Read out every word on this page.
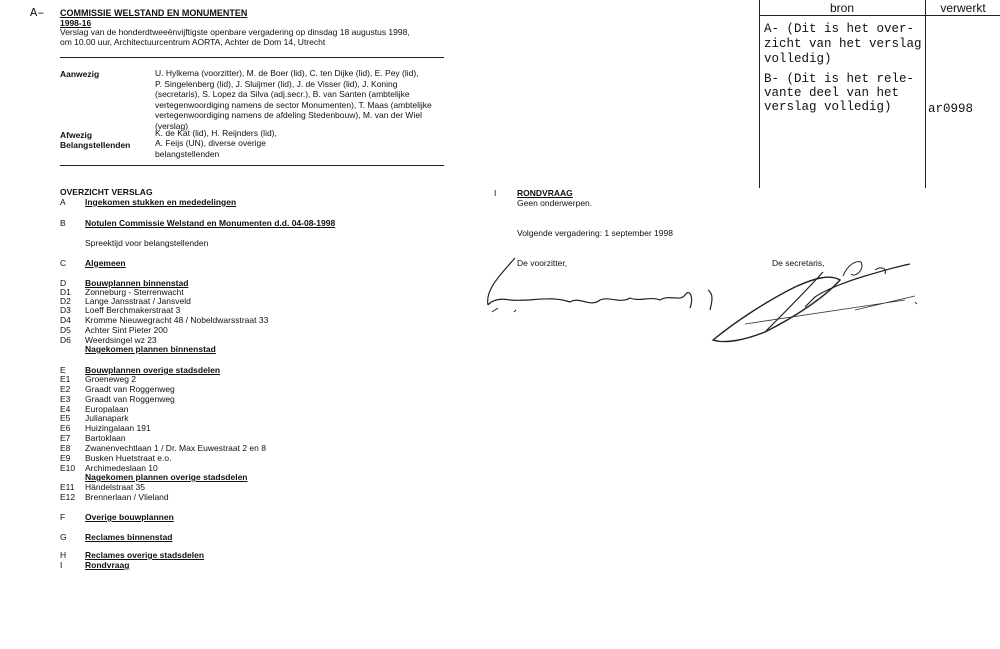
A– COMMISSIE WELSTAND EN MONUMENTEN
1998-16
Verslag van de honderdtweeënvijftigste openbare vergadering op dinsdag 18 augustus 1998,
om 10.00 uur, Architectuurcentrum AORTA, Achter de Dom 14, Utrecht
Aanwezig	U. Hylkema (voorzitter), M. de Boer (lid), C. ten Dijke (lid), E. Pey (lid),
P. Singelenberg (lid), J. Sluijmer (lid), J. de Visser (lid), J. Koning
(secretaris), S. Lopez da Silva (adj.secr.), B. van Santen (ambtelijke
vertegenwoordiging namens de sector Monumenten), T. Maas (ambtelijke
vertegenwoordiging namens de afdeling Stedenbouw), M. van der Wiel
(verslag)
Afwezig	K. de Kat (lid), H. Reijnders (lid),
Belangstellenden	A. Feijs (UN), diverse overige
belangstellenden
OVERZICHT VERSLAG
A Ingekomen stukken en mededelingen
B Notulen Commissie Welstand en Monumenten d.d. 04-08-1998
Spreektijd voor belangstellenden
C Algemeen
D Bouwplannen binnenstad
D1 Zonneburg - Sterrenwacht
D2 Lange Jansstraat / Jansveld
D3 Loeff Berchmakerstraat 3
D4 Kromme Nieuwegracht 48 / Nobeldwarsstraat 33
D5 Achter Sint Pieter 200
D6 Weerdsingel wz 23
Nagekomen plannen binnenstad
E Bouwplannen overige stadsdelen
E1 Groeneweg 2
E2 Graadt van Roggenweg
E3 Graadt van Roggenweg
E4 Europalaan
E5 Julianapark
E6 Huizingalaan 191
E7 Bartoklaan
E8 Zwanenvechtlaan 1 / Dr. Max Euwestraat 2 en 8
E9 Busken Huetstraat e.o.
E10 Archimedeslaan 10
Nagekomen plannen overige stadsdelen
E11 Händelstraat 35
E12 Brennerlaan / Vlieland
F Overige bouwplannen
G Reclames binnenstad
H Reclames overige stadsdelen
I	Rondvraag
I RONDVRAAG
Geen onderwerpen.
Volgende vergadering: 1 september 1998
De voorzitter,	De secretaris,
bron	verwerkt
A- (Dit is het over-
zicht van het verslag
volledig)
B- (Dit is het rele-
vante deel van het
verslag volledig)	ar0998
